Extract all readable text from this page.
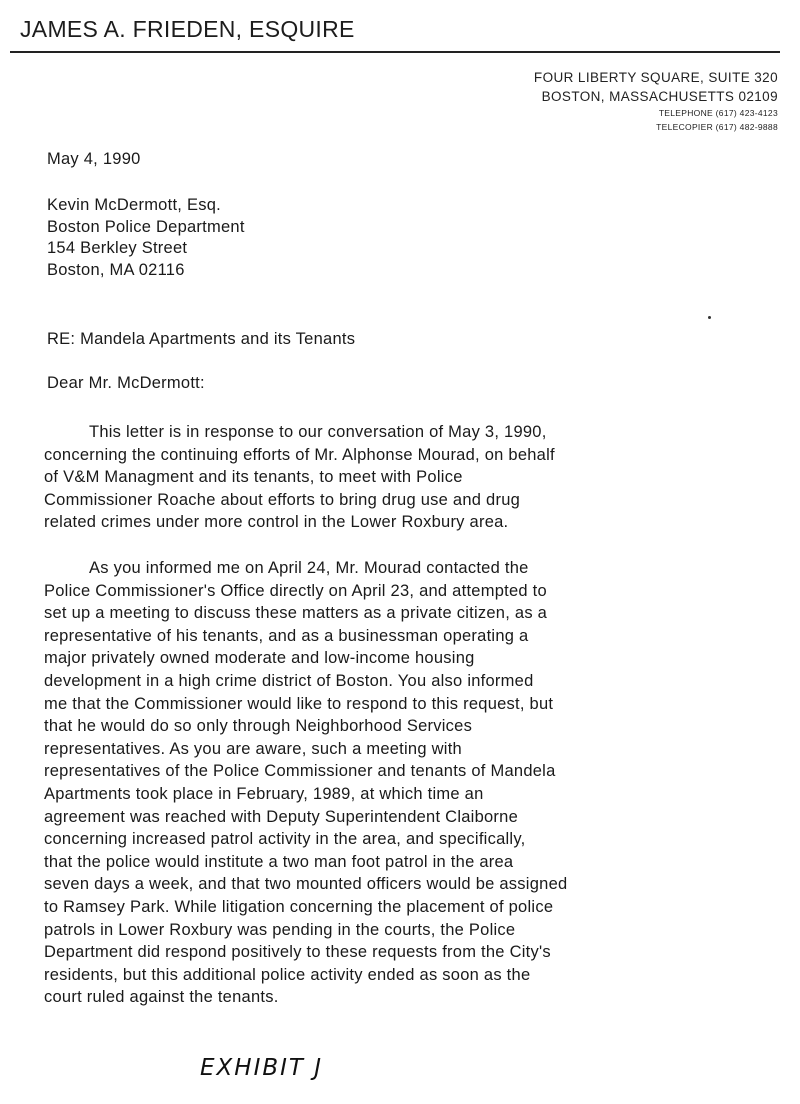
JAMES A. FRIEDEN, ESQUIRE
FOUR LIBERTY SQUARE, SUITE 320
BOSTON, MASSACHUSETTS 02109
TELEPHONE (617) 423-4123
TELECOPIER (617) 482-9888
May 4, 1990
Kevin McDermott, Esq.
Boston Police Department
154 Berkley Street
Boston, MA 02116
RE: Mandela Apartments and its Tenants
Dear Mr. McDermott:
This letter is in response to our conversation of May 3, 1990,
concerning the continuing efforts of Mr. Alphonse Mourad, on behalf
of V&M Managment and its tenants, to meet with Police
Commissioner Roache about efforts to bring drug use and drug
related crimes under more control in the Lower Roxbury area.
As you informed me on April 24, Mr. Mourad contacted the
Police Commissioner's Office directly on April 23, and attempted to
set up a meeting to discuss these matters as a private citizen, as a
representative of his tenants, and as a businessman operating a
major privately owned moderate and low-income housing
development in a high crime district of Boston. You also informed
me that the Commissioner would like to respond to this request, but
that he would do so only through Neighborhood Services
representatives. As you are aware, such a meeting with
representatives of the Police Commissioner and tenants of Mandela
Apartments took place in February, 1989, at which time an
agreement was reached with Deputy Superintendent Claiborne
concerning increased patrol activity in the area, and specifically,
that the police would institute a two man foot patrol in the area
seven days a week, and that two mounted officers would be assigned
to Ramsey Park. While litigation concerning the placement of police
patrols in Lower Roxbury was pending in the courts, the Police
Department did respond positively to these requests from the City's
residents, but this additional police activity ended as soon as the
court ruled against the tenants.
EXHIBIT J
